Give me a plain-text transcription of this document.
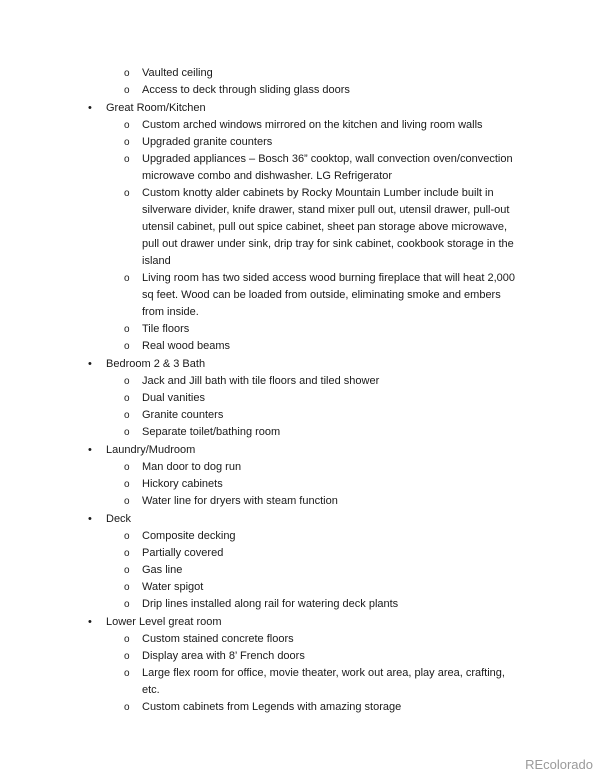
o	Vaulted ceiling
o	Access to deck through sliding glass doors
•	Great Room/Kitchen
o	Custom arched windows mirrored on the kitchen and living room walls
o	Upgraded granite counters
o	Upgraded appliances – Bosch 36” cooktop, wall convection oven/convection
microwave combo and dishwasher. LG Refrigerator
o	Custom knotty alder cabinets by Rocky Mountain Lumber include built in
silverware divider, knife drawer, stand mixer pull out, utensil drawer, pull-out
utensil cabinet, pull out spice cabinet, sheet pan storage above microwave,
pull out drawer under sink, drip tray for sink cabinet, cookbook storage in the
island
o	Living room has two sided access wood burning fireplace that will heat 2,000
sq feet. Wood can be loaded from outside, eliminating smoke and embers
from inside.
o	Tile floors
o	Real wood beams
•	Bedroom 2 & 3 Bath
o	Jack and Jill bath with tile floors and tiled shower
o	Dual vanities
o	Granite counters
o	Separate toilet/bathing room
•	Laundry/Mudroom
o	Man door to dog run
o	Hickory cabinets
o	Water line for dryers with steam function
•	Deck
o	Composite decking
o	Partially covered
o	Gas line
o	Water spigot
o	Drip lines installed along rail for watering deck plants
•	Lower Level great room
o	Custom stained concrete floors
o	Display area with 8’ French doors
o	Large flex room for office, movie theater, work out area, play area, crafting,
etc.
o	Custom cabinets from Legends with amazing storage
REcolorado
